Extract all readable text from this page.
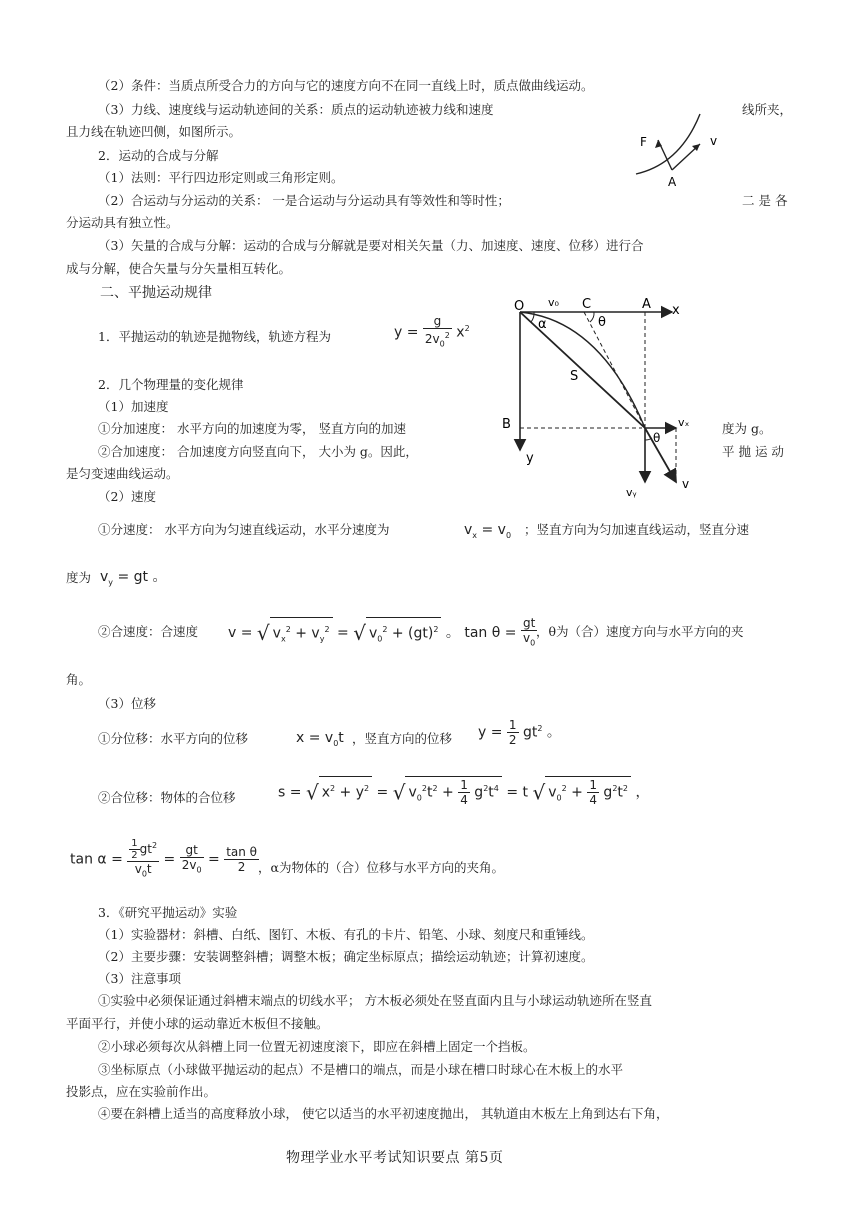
（2）条件：当质点所受合力的方向与它的速度方向不在同一直线上时，质点做曲线运动。
（3）力线、速度线与运动轨迹间的关系：质点的运动轨迹被力线和速度	线所夹，
且力线在轨迹凹侧，如图所示。
F	v
A
2．运动的合成与分解
（1）法则：平行四边形定则或三角形定则。
（2）合运动与分运动的关系： 一是合运动与分运动具有等效性和等时性；	二 是 各
分运动具有独立性。
（3）矢量的合成与分解：运动的合成与分解就是要对相关矢量（力、加速度、速度、位移）进行合
成与分解，使合矢量与分矢量相互转化。
二、平抛运动规律
1．平抛运动的轨迹是抛物线，轨迹方程为	$y = \frac{g}{2v_0^2} x^2$
2．几个物理量的变化规律
（1）加速度
①分加速度： 水平方向的加速度为零， 竖直方向的加速	度为 g。
②合加速度： 合加速度方向竖直向下， 大小为 g。因此，	平 抛 运 动
是匀变速曲线运动。
（2）速度
O v₀ C	A x
α	θ
S
B
y
vₓ
θ
vᵧ
v
①分速度： 水平方向为匀速直线运动，水平分速度为	$v_x = v_0$ ；竖直方向为匀加速直线运动，竖直分速
度为 $v_y$ = gt 。
②合速度：合速度 v = √ $v_x^2 + v_y^2$ = √ $v_0^2 + (gt)^2$ 。 $\tan \theta = \frac{gt}{v_0}$
，θ为（合）速度方向与水平方向的夹
角。
（3）位移
①分位移：水平方向的位移	$x = v_0t$ ，竖直方向的位移 $y = \frac{1}{2} gt^2$ 。
②合位移：物体的合位移	s = √ $x^2 + y^2$ = √ $v_0^2t^2 + \frac{1}{4} g^2t^4 = t$ √ $v_0^2 + \frac{1}{4} g^2t^2$ ，
$\tan \alpha = \frac{\frac{1}{2} gt^2}{v_0t} = \frac{gt}{2v_0} = \frac{\text{tan θ}}{2}$
，α为物体的（合）位移与水平方向的夹角。
3．《研究平抛运动》实验
（1）实验器材：斜槽、白纸、图钉、木板、有孔的卡片、铅笔、小球、刻度尺和重锤线。
（2）主要步骤：安装调整斜槽；调整木板；确定坐标原点；描绘运动轨迹；计算初速度。
（3）注意事项
①实验中必须保证通过斜槽末端点的切线水平； 方木板必须处在竖直面内且与小球运动轨迹所在竖直
平面平行，并使小球的运动靠近木板但不接触。
②小球必须每次从斜槽上同一位置无初速度滚下，即应在斜槽上固定一个挡板。
③坐标原点（小球做平抛运动的起点）不是槽口的端点，而是小球在槽口时球心在木板上的水平
投影点，应在实验前作出。
④要在斜槽上适当的高度释放小球， 使它以适当的水平初速度抛出， 其轨道由木板左上角到达右下角，
物理学业水平考试知识要点 第5页
